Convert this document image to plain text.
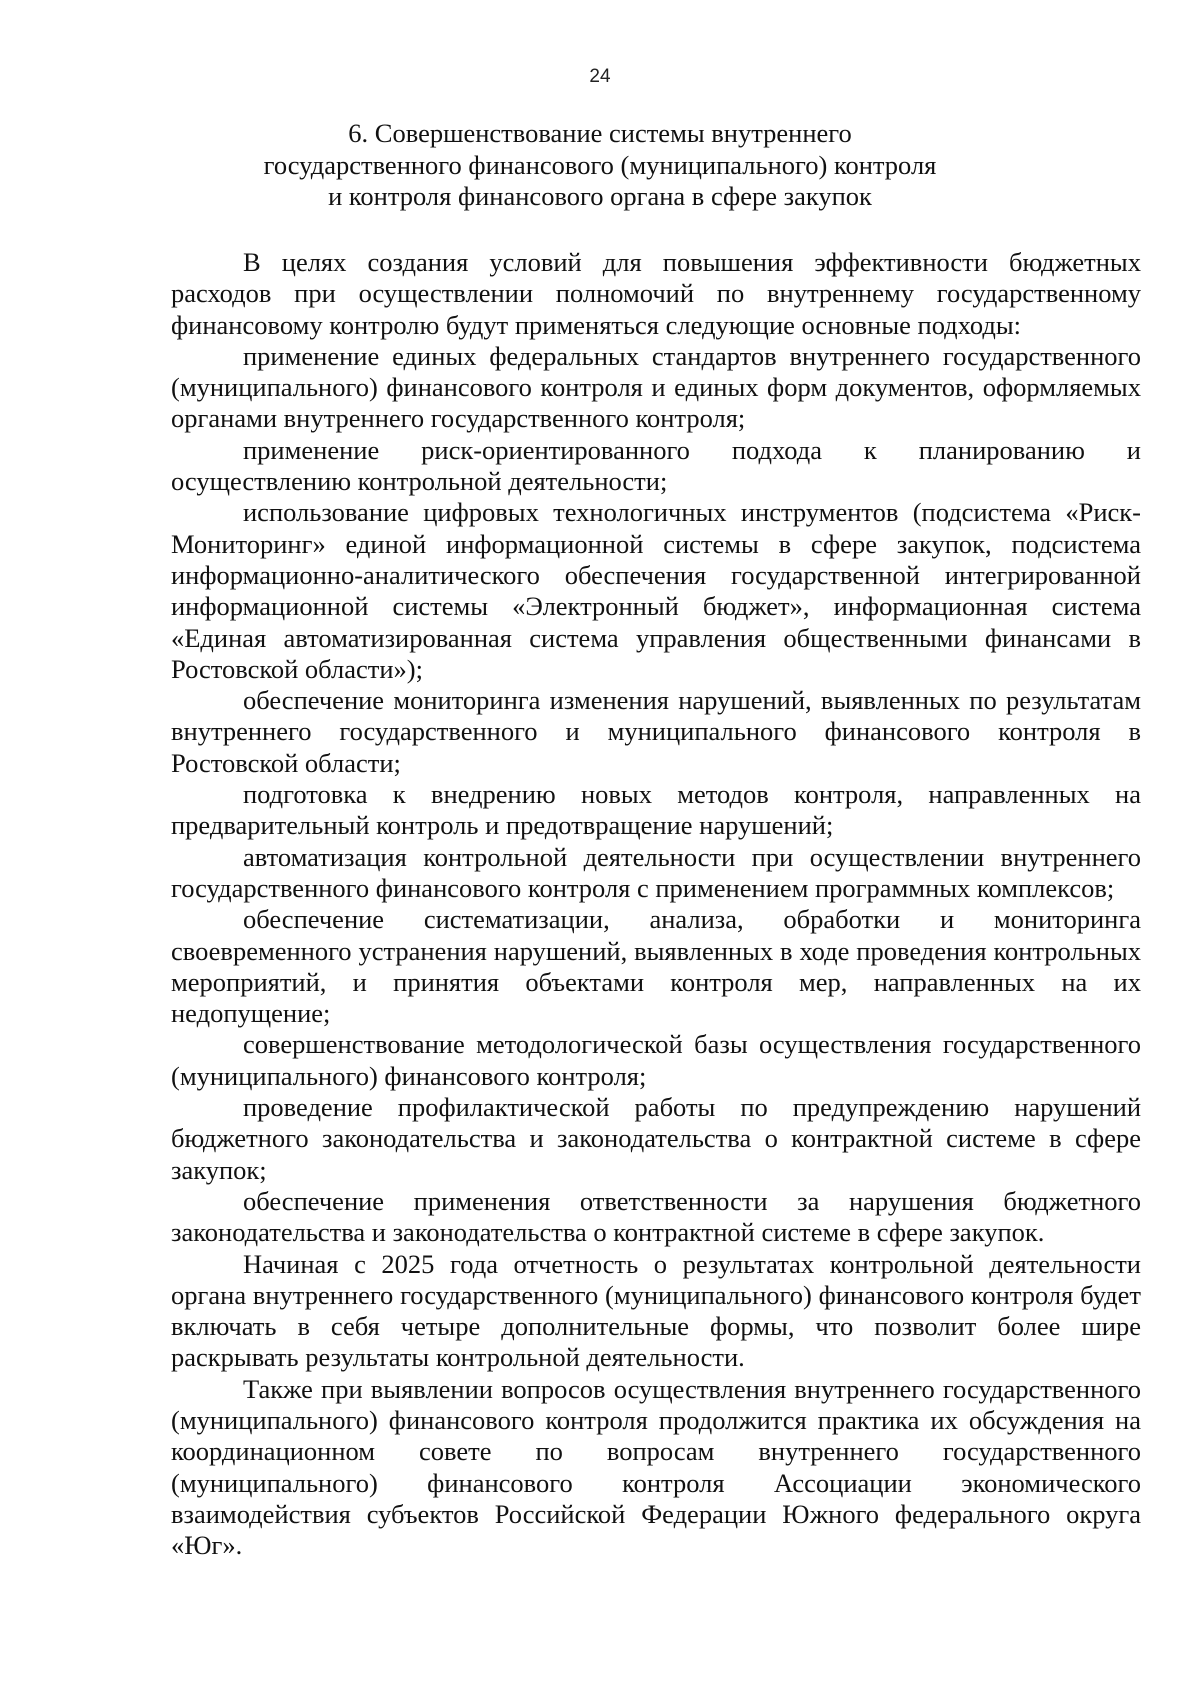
24
6. Совершенствование системы внутреннего
государственного финансового (муниципального) контроля
и контроля финансового органа в сфере закупок

В целях создания условий для повышения эффективности бюджетных расходов при осуществлении полномочий по внутреннему государственному финансовому контролю будут применяться следующие основные подходы:

применение единых федеральных стандартов внутреннего государственного (муниципального) финансового контроля и единых форм документов, оформляемых органами внутреннего государственного контроля;

применение риск-ориентированного подхода к планированию и осуществлению контрольной деятельности;

использование цифровых технологичных инструментов (подсистема «Риск-Мониторинг» единой информационной системы в сфере закупок, подсистема информационно-аналитического обеспечения государственной интегрированной информационной системы «Электронный бюджет», информационная система «Единая автоматизированная система управления общественными финансами в Ростовской области»);

обеспечение мониторинга изменения нарушений, выявленных по результатам внутреннего государственного и муниципального финансового контроля в Ростовской области;

подготовка к внедрению новых методов контроля, направленных на предварительный контроль и предотвращение нарушений;

автоматизация контрольной деятельности при осуществлении внутреннего государственного финансового контроля с применением программных комплексов;

обеспечение систематизации, анализа, обработки и мониторинга своевременного устранения нарушений, выявленных в ходе проведения контрольных мероприятий, и принятия объектами контроля мер, направленных на их недопущение;

совершенствование методологической базы осуществления государственного (муниципального) финансового контроля;

проведение профилактической работы по предупреждению нарушений бюджетного законодательства и законодательства о контрактной системе в сфере закупок;

обеспечение применения ответственности за нарушения бюджетного законодательства и законодательства о контрактной системе в сфере закупок.

Начиная с 2025 года отчетность о результатах контрольной деятельности органа внутреннего государственного (муниципального) финансового контроля будет включать в себя четыре дополнительные формы, что позволит более шире раскрывать результаты контрольной деятельности.

Также при выявлении вопросов осуществления внутреннего государственного (муниципального) финансового контроля продолжится практика их обсуждения на координационном совете по вопросам внутреннего государственного (муниципального) финансового контроля Ассоциации экономического взаимодействия субъектов Российской Федерации Южного федерального округа «Юг».
